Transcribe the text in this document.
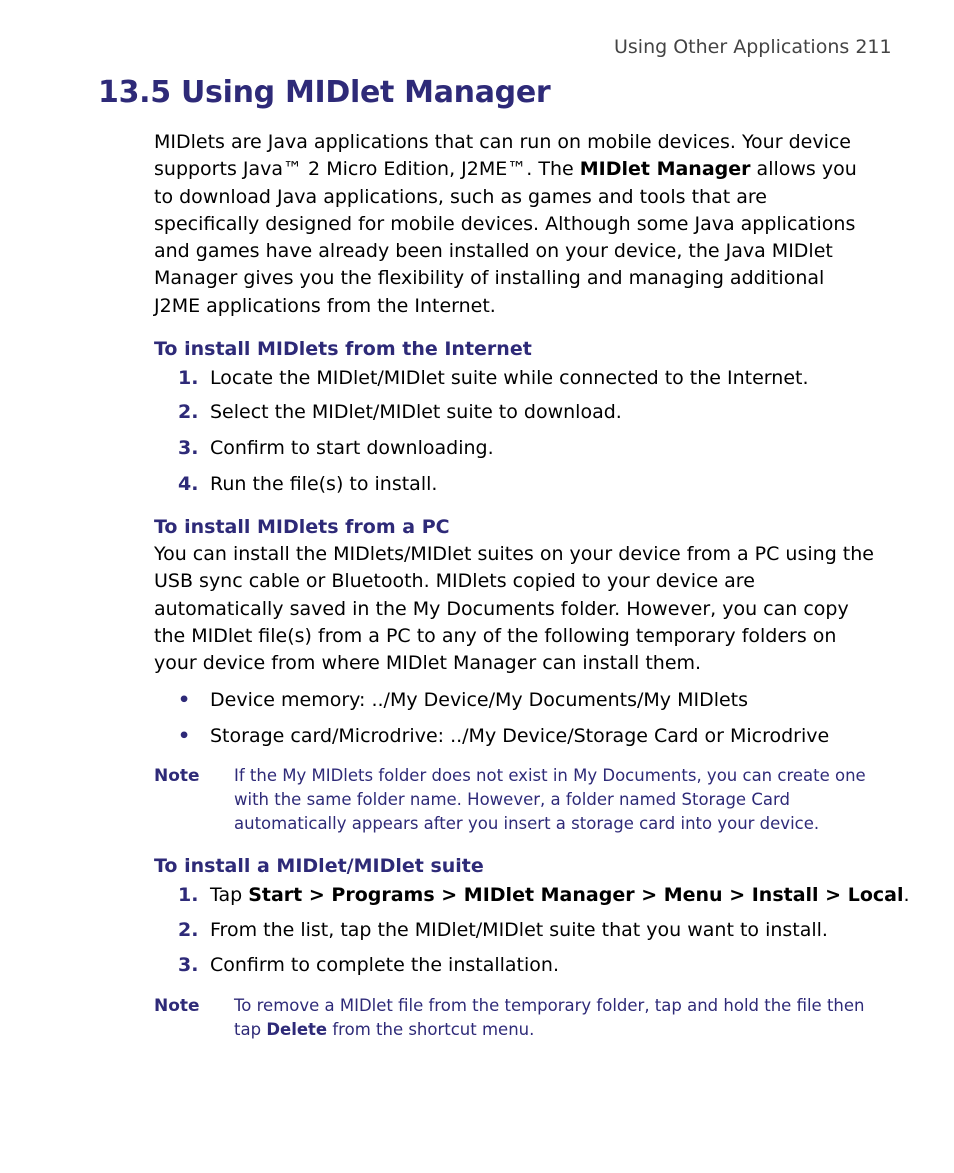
Using Other Applications 211
13.5 Using MIDlet Manager
MIDlets are Java applications that can run on mobile devices. Your device supports Java™ 2 Micro Edition, J2ME™. The MIDlet Manager allows you to download Java applications, such as games and tools that are specifically designed for mobile devices. Although some Java applications and games have already been installed on your device, the Java MIDlet Manager gives you the flexibility of installing and managing additional J2ME applications from the Internet.
To install MIDlets from the Internet
1. Locate the MIDlet/MIDlet suite while connected to the Internet.
2. Select the MIDlet/MIDlet suite to download.
3. Confirm to start downloading.
4. Run the file(s) to install.
To install MIDlets from a PC
You can install the MIDlets/MIDlet suites on your device from a PC using the USB sync cable or Bluetooth. MIDlets copied to your device are automatically saved in the My Documents folder. However, you can copy the MIDlet file(s) from a PC to any of the following temporary folders on your device from where MIDlet Manager can install them.
• Device memory: ../My Device/My Documents/My MIDlets
• Storage card/Microdrive: ../My Device/Storage Card or Microdrive
Note If the My MIDlets folder does not exist in My Documents, you can create one with the same folder name. However, a folder named Storage Card automatically appears after you insert a storage card into your device.
To install a MIDlet/MIDlet suite
1. Tap Start > Programs > MIDlet Manager > Menu > Install > Local.
2. From the list, tap the MIDlet/MIDlet suite that you want to install.
3. Confirm to complete the installation.
Note To remove a MIDlet file from the temporary folder, tap and hold the file then tap Delete from the shortcut menu.
